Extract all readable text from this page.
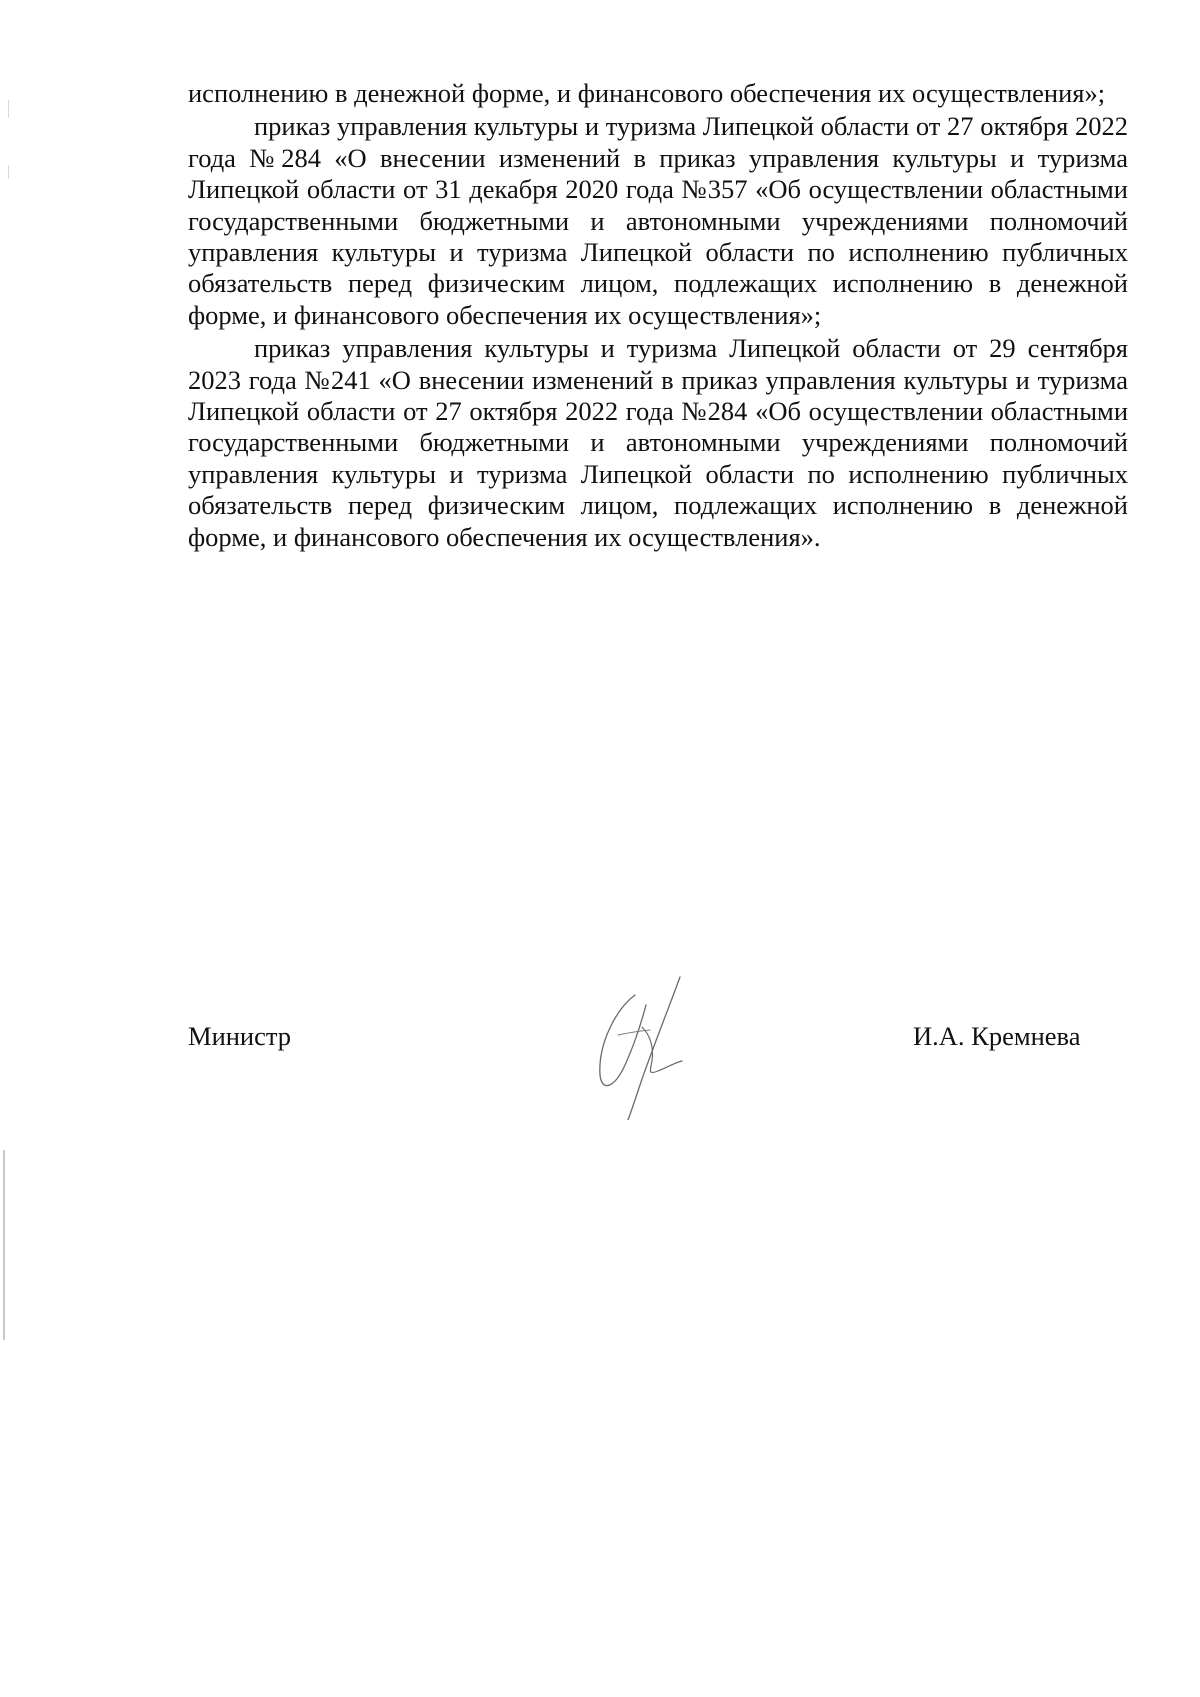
исполнению в денежной форме, и финансового обеспечения их осуществления»;

приказ управления культуры и туризма Липецкой области от 27 октября 2022 года №284 «О внесении изменений в приказ управления культуры и туризма Липецкой области от 31 декабря 2020 года №357 «Об осуществлении областными государственными бюджетными и автономными учреждениями полномочий управления культуры и туризма Липецкой области по исполнению публичных обязательств перед физическим лицом, подлежащих исполнению в денежной форме, и финансового обеспечения их осуществления»;

приказ управления культуры и туризма Липецкой области от 29 сентября 2023 года №241 «О внесении изменений в приказ управления культуры и туризма Липецкой области от 27 октября 2022 года №284 «Об осуществлении областными государственными бюджетными и автономными учреждениями полномочий управления культуры и туризма Липецкой области по исполнению публичных обязательств перед физическим лицом, подлежащих исполнению в денежной форме, и финансового обеспечения их осуществления».

Министр	И.А. Кремнева
